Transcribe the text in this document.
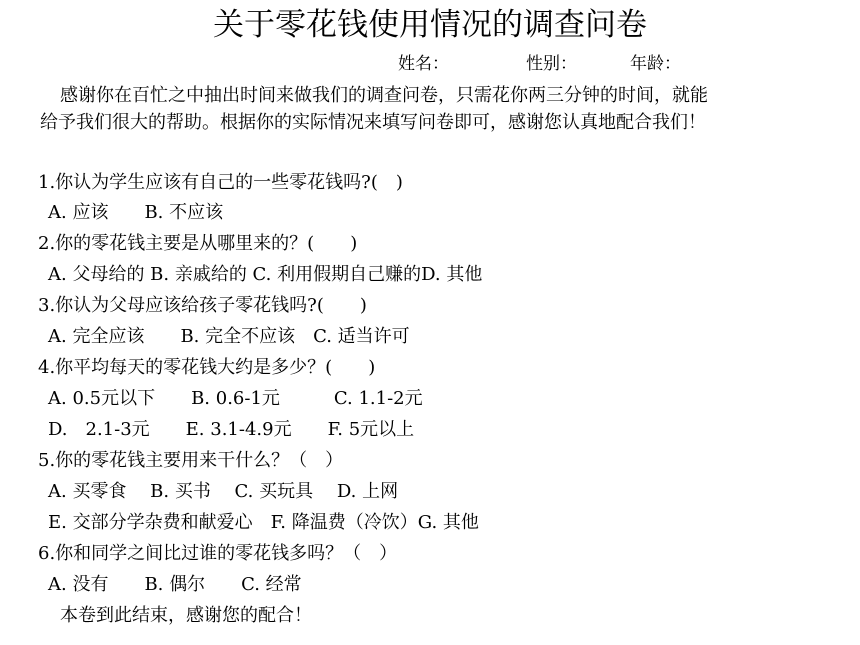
关于零花钱使用情况的调查问卷
姓名：	性别：	年龄：
感谢你在百忙之中抽出时间来做我们的调查问卷，只需花你两三分钟的时间，就能
给予我们很大的帮助。根据你的实际情况来填写问卷即可，感谢您认真地配合我们！
1.你认为学生应该有自己的一些零花钱吗?(　)
A. 应该　　B. 不应该
2.你的零花钱主要是从哪里来的？(　　)
A. 父母给的 B. 亲戚给的 C. 利用假期自己赚的D. 其他
3.你认为父母应该给孩子零花钱吗?(　　)
A. 完全应该　　B. 完全不应该　C. 适当许可
4.你平均每天的零花钱大约是多少？(　　)
A. 0.5元以下　　B. 0.6-1元　　　C. 1.1-2元
D.　2.1-3元　　E. 3.1-4.9元　　F. 5元以上
5.你的零花钱主要用来干什么？（　）
A. 买零食　 B. 买书　 C. 买玩具　 D. 上网
E. 交部分学杂费和献爱心　F. 降温费（冷饮）G. 其他
6.你和同学之间比过谁的零花钱多吗？（　）
A. 没有　　B. 偶尔　　C. 经常
本卷到此结束，感谢您的配合！
